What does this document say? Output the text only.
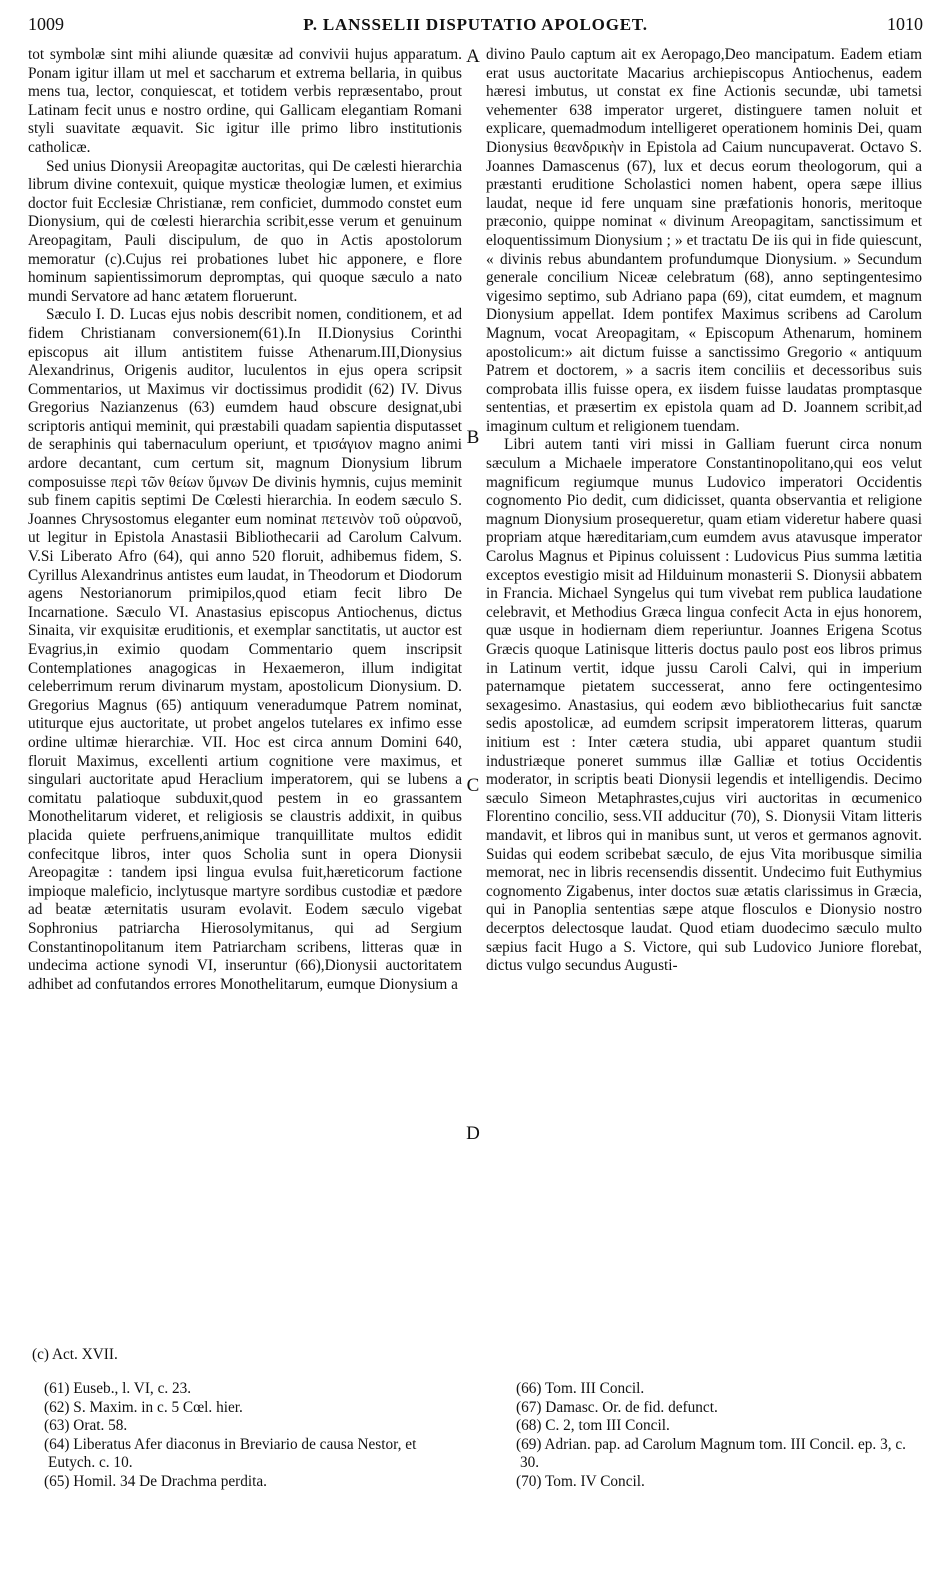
1009	P. LANSSELII DISPUTATIO APOLOGET.	1010

tot symbolæ sint mihi aliunde quæsitæ ad convivii hujus apparatum. Ponam igitur illam ut mel et saccharum et extrema bellaria, in quibus mens tua, lector, conquiescat, et totidem verbis repræsentabo, prout Latinam fecit unus e nostro ordine, qui Gallicam elegantiam Romani styli suavitate æquavit. Sic igitur ille primo libro institutionis catholicæ.

Sed unius Dionysii Areopagitæ auctoritas, qui De cælesti hierarchia librum divine contexuit, quique mysticæ theologiæ lumen, et eximius doctor fuit Ecclesiæ Christianæ, rem conficiet, dummodo constet eum Dionysium, qui de cœlesti hierarchia scribit,esse verum et genuinum Areopagitam, Pauli discipulum, de quo in Actis apostolorum memoratur (c).Cujus rei probationes lubet hic apponere, e flore hominum sapientissimorum depromptas, qui quoque sæculo a nato mundi Servatore ad hanc ætatem floruerunt.

Sæculo I. D. Lucas ejus nobis describit nomen, conditionem, et ad fidem Christianam conversionem(61).In II.Dionysius Corinthi episcopus ait illum antistitem fuisse Athenarum.III,Dionysius Alexandrinus, Origenis auditor, luculentos in ejus opera scripsit Commentarios, ut Maximus vir doctissimus prodidit (62) IV. Divus Gregorius Nazianzenus (63) eumdem haud obscure designat,ubi scriptoris antiqui meminit, qui præstabili quadam sapientia disputasset de seraphinis qui tabernaculum operiunt, et τρισάγιον magno animi ardore decantant, cum certum sit, magnum Dionysium librum composuisse περὶ τῶν θείων ὕμνων De divinis hymnis, cujus meminit sub finem capitis septimi De Cœlesti hierarchia. In eodem sæculo S. Joannes Chrysostomus eleganter eum nominat πετεινὸν τοῦ οὐρανοῦ, ut legitur in Epistola Anastasii Bibliothecarii ad Carolum Calvum. V.Si Liberato Afro (64), qui anno 520 floruit, adhibemus fidem, S. Cyrillus Alexandrinus antistes eum laudat, in Theodorum et Diodorum agens Nestorianorum primipilos,quod etiam fecit libro De Incarnatione. Sæculo VI. Anastasius episcopus Antiochenus, dictus Sinaita, vir exquisitæ eruditionis, et exemplar sanctitatis, ut auctor est Evagrius,in eximio quodam Commentario quem inscripsit Contemplationes anagogicas in Hexaemeron, illum indigitat celeberrimum rerum divinarum mystam, apostolicum Dionysium. D. Gregorius Magnus (65) antiquum veneradumque Patrem nominat, utiturque ejus auctoritate, ut probet angelos tutelares ex infimo esse ordine ultimæ hierarchiæ. VII. Hoc est circa annum Domini 640, floruit Maximus, excellenti artium cognitione vere maximus, et singulari auctoritate apud Heraclium imperatorem, qui se lubens a comitatu palatioque subduxit,quod pestem in eo grassantem Monothelitarum videret, et religiosis se claustris addixit, in quibus placida quiete perfruens,animique tranquillitate multos edidit confecitque libros, inter quos Scholia sunt in opera Dionysii Areopagitæ : tandem ipsi lingua evulsa fuit,hæreticorum factione impioque maleficio, inclytusque martyre sordibus custodiæ et pædore ad beatæ æternitatis usuram evolavit. Eodem sæculo vigebat Sophronius patriarcha Hierosolymitanus, qui ad Sergium Constantinopolitanum item Patriarcham scribens, litteras quæ in undecima actione synodi VI, inseruntur (66),Dionysii auctoritatem adhibet ad confutandos errores Monothelitarum, eumque Dionysium a

A
B
C
D

divino Paulo captum ait ex Aeropago,Deo mancipatum. Eadem etiam erat usus auctoritate Macarius archiepiscopus Antiochenus, eadem hæresi imbutus, ut constat ex fine Actionis secundæ, ubi tametsi vehementer 638 imperator urgeret, distinguere tamen noluit et explicare, quemadmodum intelligeret operationem hominis Dei, quam Dionysius θεανδρικὴν in Epistola ad Caium nuncupaverat. Octavo S. Joannes Damascenus (67), lux et decus eorum theologorum, qui a præstanti eruditione Scholastici nomen habent, opera sæpe illius laudat, neque id fere unquam sine præfationis honoris, meritoque præconio, quippe nominat « divinum Areopagitam, sanctissimum et eloquentissimum Dionysium ; » et tractatu De iis qui in fide quiescunt, « divinis rebus abundantem profundumque Dionysium. » Secundum generale concilium Niceæ celebratum (68), anno septingentesimo vigesimo septimo, sub Adriano papa (69), citat eumdem, et magnum Dionysium appellat. Idem pontifex Maximus scribens ad Carolum Magnum, vocat Areopagitam, « Episcopum Athenarum, hominem apostolicum:» ait dictum fuisse a sanctissimo Gregorio « antiquum Patrem et doctorem, » a sacris item conciliis et decessoribus suis comprobata illis fuisse opera, ex iisdem fuisse laudatas promptasque sententias, et præsertim ex epistola quam ad D. Joannem scribit,ad imaginum cultum et religionem tuendam.

Libri autem tanti viri missi in Galliam fuerunt circa nonum sæculum a Michaele imperatore Constantinopolitano,qui eos velut magnificum regiumque munus Ludovico imperatori Occidentis cognomento Pio dedit, cum didicisset, quanta observantia et religione magnum Dionysium prosequeretur, quam etiam videretur habere quasi propriam atque hæreditariam,cum eumdem avus atavusque imperator Carolus Magnus et Pipinus coluissent : Ludovicus Pius summa lætitia exceptos evestigio misit ad Hilduinum monasterii S. Dionysii abbatem in Francia. Michael Syngelus qui tum vivebat rem publica laudatione celebravit, et Methodius Græca lingua confecit Acta in ejus honorem, quæ usque in hodiernam diem reperiuntur. Joannes Erigena Scotus Græcis quoque Latinisque litteris doctus paulo post eos libros primus in Latinum vertit, idque jussu Caroli Calvi, qui in imperium paternamque pietatem successerat, anno fere octingentesimo sexagesimo. Anastasius, qui eodem ævo bibliothecarius fuit sanctæ sedis apostolicæ, ad eumdem scripsit imperatorem litteras, quarum initium est : Inter cætera studia, ubi apparet quantum studii industriæque poneret summus illæ Galliæ et totius Occidentis moderator, in scriptis beati Dionysii legendis et intelligendis. Decimo sæculo Simeon Metaphrastes,cujus viri auctoritas in œcumenico Florentino concilio, sess.VII adducitur (70), S. Dionysii Vitam litteris mandavit, et libros qui in manibus sunt, ut veros et germanos agnovit. Suidas qui eodem scribebat sæculo, de ejus Vita moribusque similia memorat, nec in libris recensendis dissentit. Undecimo fuit Euthymius cognomento Zigabenus, inter doctos suæ ætatis clarissimus in Græcia, qui in Panoplia sententias sæpe atque flosculos e Dionysio nostro decerptos delectosque laudat. Quod etiam duodecimo sæculo multo sæpius facit Hugo a S. Victore, qui sub Ludovico Juniore florebat, dictus vulgo secundus Augusti-

(c) Act. XVII.
(61) Euseb., l. VI, c. 23.
(62) S. Maxim. in c. 5 Cœl. hier.
(63) Orat. 58.
(64) Liberatus Afer diaconus in Breviario de causa Nestor, et Eutych. c. 10.
(65) Homil. 34 De Drachma perdita.
(66) Tom. III Concil.
(67) Damasc. Or. de fid. defunct.
(68) C. 2, tom III Concil.
(69) Adrian. pap. ad Carolum Magnum tom. III Concil. ep. 3, c. 30.
(70) Tom. IV Concil.
